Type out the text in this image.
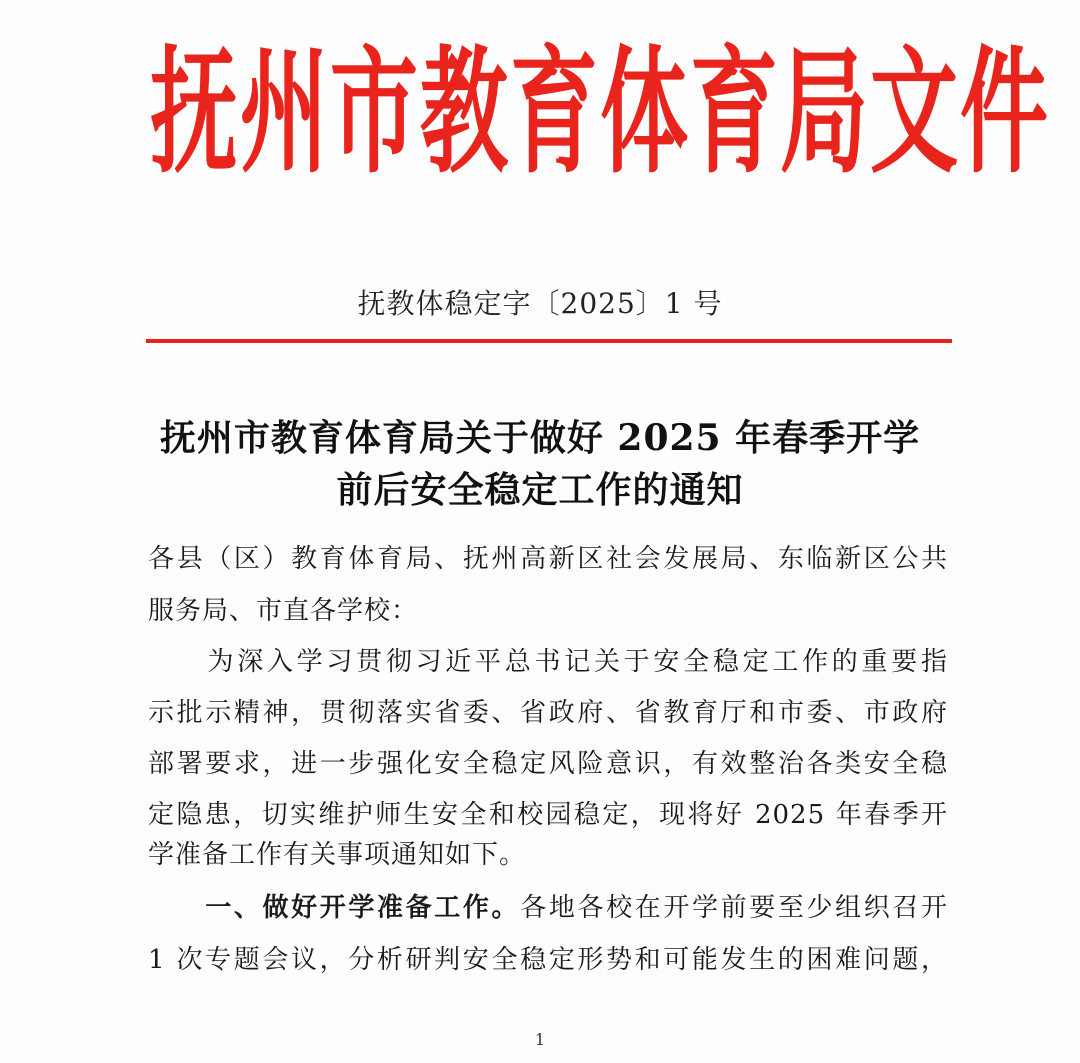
抚州市教育体育局文件
抚教体稳定字〔2025〕1 号
抚州市教育体育局关于做好 2025 年春季开学
前后安全稳定工作的通知
各县（区）教育体育局、抚州高新区社会发展局、东临新区公共
服务局、市直各学校：
　　为深入学习贯彻习近平总书记关于安全稳定工作的重要指
示批示精神，贯彻落实省委、省政府、省教育厅和市委、市政府
部署要求，进一步强化安全稳定风险意识，有效整治各类安全稳
定隐患，切实维护师生安全和校园稳定，现将好 2025 年春季开
学准备工作有关事项通知如下。
　　一、做好开学准备工作。各地各校在开学前要至少组织召开
1 次专题会议，分析研判安全稳定形势和可能发生的困难问题，
1
